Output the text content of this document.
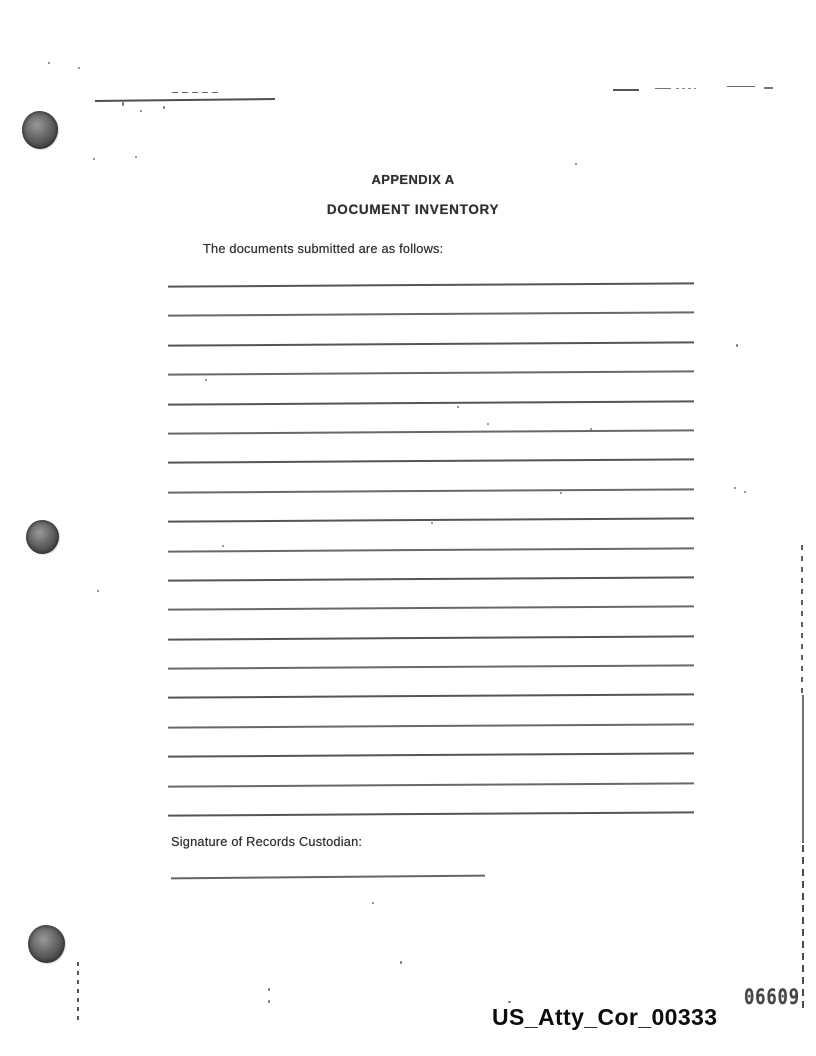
APPENDIX A
DOCUMENT INVENTORY

The documents submitted are as follows:

Signature of Records Custodian:

06609

US_Atty_Cor_00333
